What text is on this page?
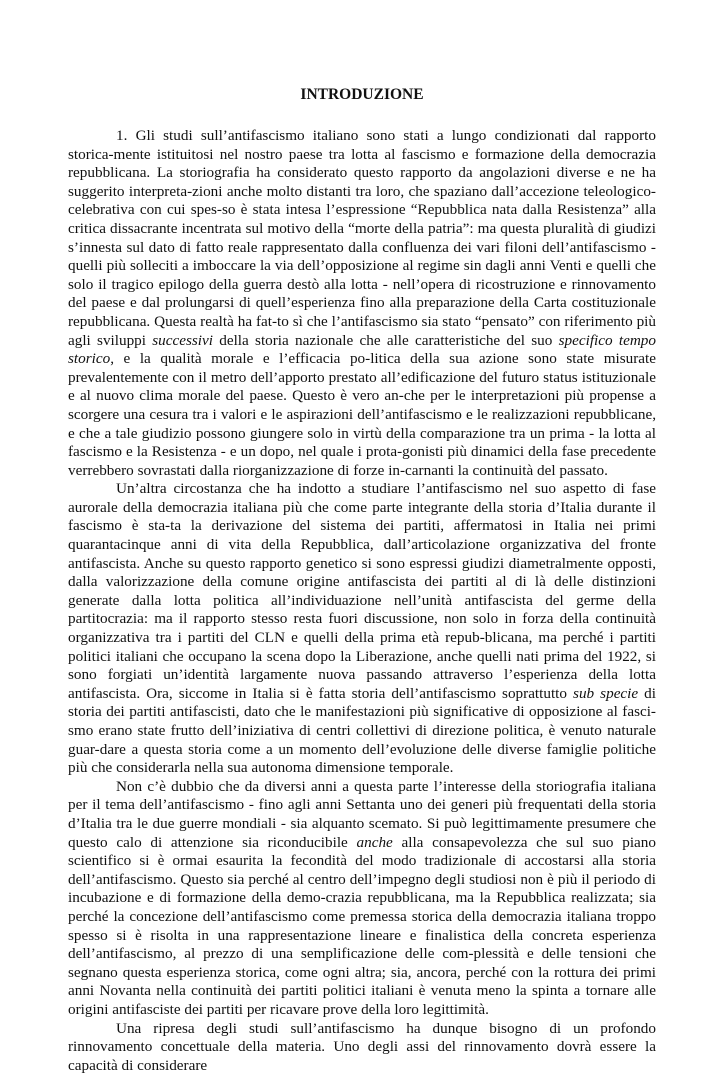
INTRODUZIONE

1. Gli studi sull’antifascismo italiano sono stati a lungo condizionati dal rapporto storica-mente istituitosi nel nostro paese tra lotta al fascismo e formazione della democrazia repubblicana. La storiografia ha considerato questo rapporto da angolazioni diverse e ne ha suggerito interpreta-zioni anche molto distanti tra loro, che spaziano dall’accezione teleologico-celebrativa con cui spes-so è stata intesa l’espressione “Repubblica nata dalla Resistenza” alla critica dissacrante incentrata sul motivo della “morte della patria”: ma questa pluralità di giudizi s’innesta sul dato di fatto reale rappresentato dalla confluenza dei vari filoni dell’antifascismo - quelli più solleciti a imboccare la via dell’opposizione al regime sin dagli anni Venti e quelli che solo il tragico epilogo della guerra destò alla lotta - nell’opera di ricostruzione e rinnovamento del paese e dal prolungarsi di quell’esperienza fino alla preparazione della Carta costituzionale repubblicana. Questa realtà ha fat-to sì che l’antifascismo sia stato “pensato” con riferimento più agli sviluppi successivi della storia nazionale che alle caratteristiche del suo specifico tempo storico, e la qualità morale e l’efficacia po-litica della sua azione sono state misurate prevalentemente con il metro dell’apporto prestato all’edificazione del futuro status istituzionale e al nuovo clima morale del paese. Questo è vero an-che per le interpretazioni più propense a scorgere una cesura tra i valori e le aspirazioni dell’antifascismo e le realizzazioni repubblicane, e che a tale giudizio possono giungere solo in virtù della comparazione tra un prima - la lotta al fascismo e la Resistenza - e un dopo, nel quale i prota-gonisti più dinamici della fase precedente verrebbero sovrastati dalla riorganizzazione di forze in-carnanti la continuità del passato.

Un’altra circostanza che ha indotto a studiare l’antifascismo nel suo aspetto di fase aurorale della democrazia italiana più che come parte integrante della storia d’Italia durante il fascismo è sta-ta la derivazione del sistema dei partiti, affermatosi in Italia nei primi quarantacinque anni di vita della Repubblica, dall’articolazione organizzativa del fronte antifascista. Anche su questo rapporto genetico si sono espressi giudizi diametralmente opposti, dalla valorizzazione della comune origine antifascista dei partiti al di là delle distinzioni generate dalla lotta politica all’individuazione nell’unità antifascista del germe della partitocrazia: ma il rapporto stesso resta fuori discussione, non solo in forza della continuità organizzativa tra i partiti del CLN e quelli della prima età repub-blicana, ma perché i partiti politici italiani che occupano la scena dopo la Liberazione, anche quelli nati prima del 1922, si sono forgiati un’identità largamente nuova passando attraverso l’esperienza della lotta antifascista. Ora, siccome in Italia si è fatta storia dell’antifascismo soprattutto sub specie di storia dei partiti antifascisti, dato che le manifestazioni più significative di opposizione al fasci-smo erano state frutto dell’iniziativa di centri collettivi di direzione politica, è venuto naturale guar-dare a questa storia come a un momento dell’evoluzione delle diverse famiglie politiche più che considerarla nella sua autonoma dimensione temporale.

Non c’è dubbio che da diversi anni a questa parte l’interesse della storiografia italiana per il tema dell’antifascismo - fino agli anni Settanta uno dei generi più frequentati della storia d’Italia tra le due guerre mondiali - sia alquanto scemato. Si può legittimamente presumere che questo calo di attenzione sia riconducibile anche alla consapevolezza che sul suo piano scientifico si è ormai esaurita la fecondità del modo tradizionale di accostarsi alla storia dell’antifascismo. Questo sia perché al centro dell’impegno degli studiosi non è più il periodo di incubazione e di formazione della demo-crazia repubblicana, ma la Repubblica realizzata; sia perché la concezione dell’antifascismo come premessa storica della democrazia italiana troppo spesso si è risolta in una rappresentazione lineare e finalistica della concreta esperienza dell’antifascismo, al prezzo di una semplificazione delle com-plessità e delle tensioni che segnano questa esperienza storica, come ogni altra; sia, ancora, perché con la rottura dei primi anni Novanta nella continuità dei partiti politici italiani è venuta meno la spinta a tornare alle origini antifasciste dei partiti per ricavare prove della loro legittimità.

Una ripresa degli studi sull’antifascismo ha dunque bisogno di un profondo rinnovamento concettuale della materia. Uno degli assi del rinnovamento dovrà essere la capacità di considerare
